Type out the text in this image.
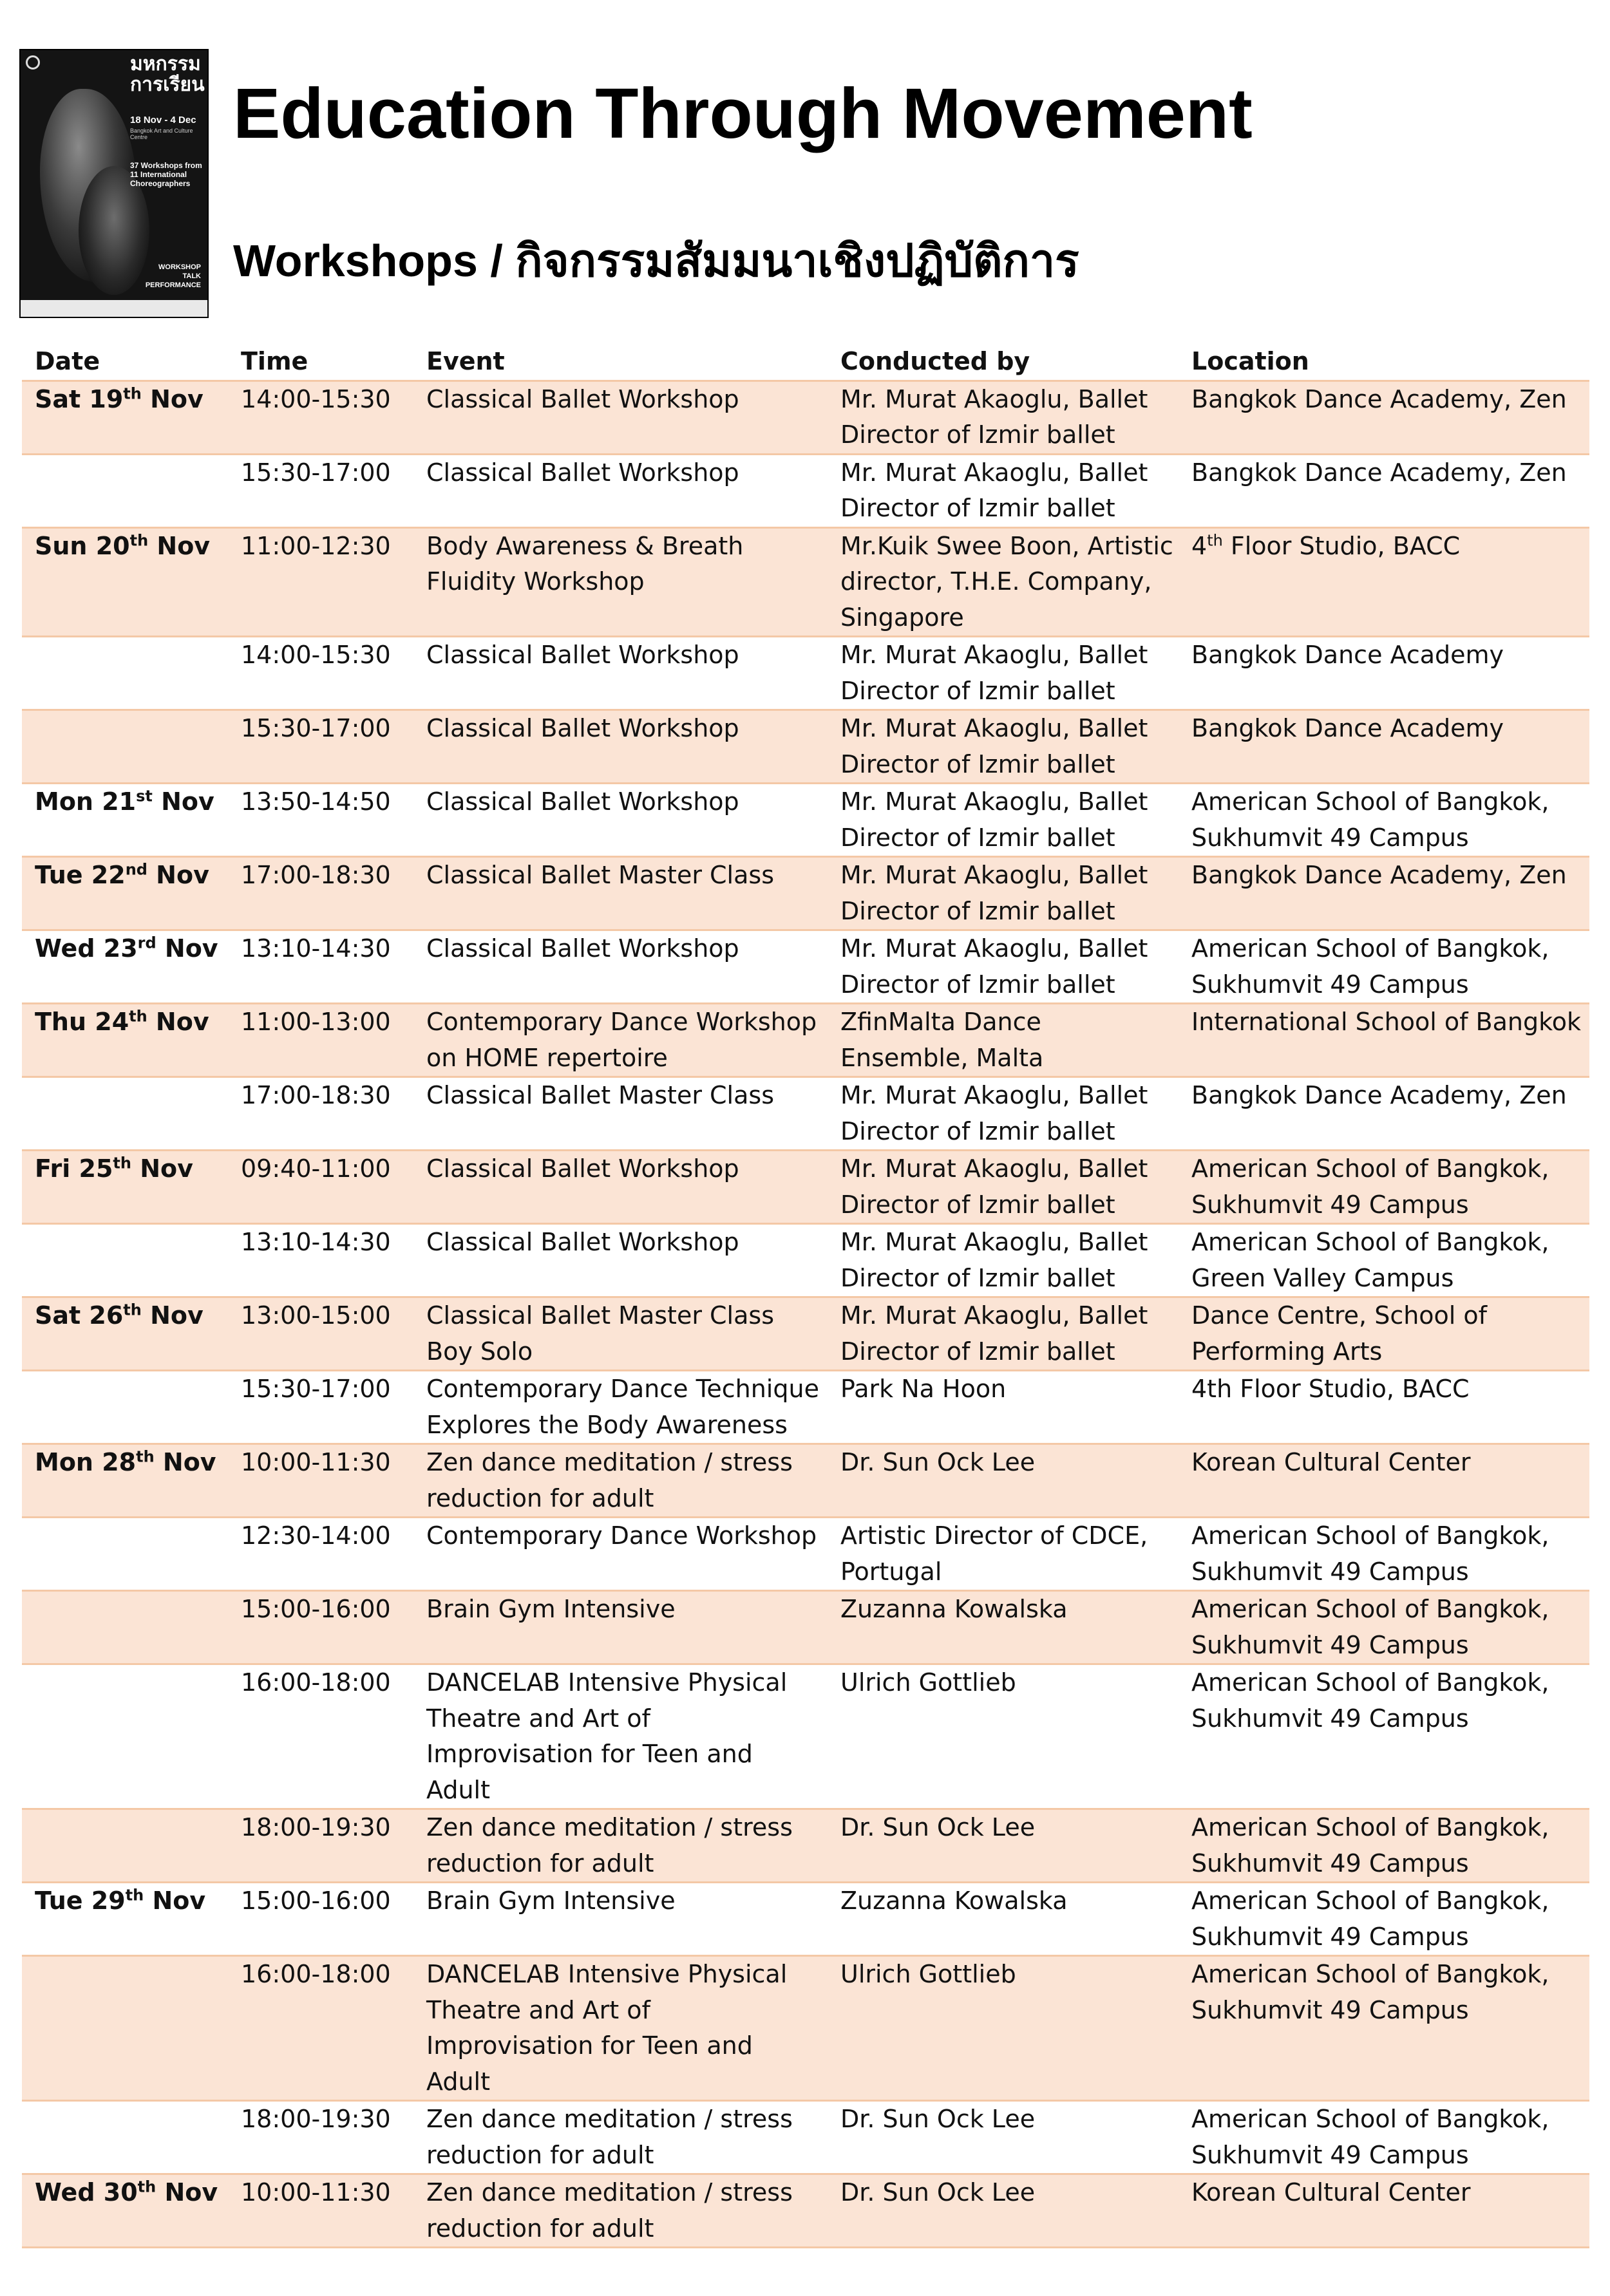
มหกรรม
การเรียน
18 Nov - 4 Dec
Bangkok Art and Culture Centre
37 Workshops from 11 International Choreographers
WORKSHOP
TALK
PERFORMANCE
Education Through Movement
Workshops / กิจกรรมสัมมนาเชิงปฏิบัติการ
Date	Time	Event	Conducted by	Location
Sat 19th Nov	14:00-15:30	Classical Ballet Workshop	Mr. Murat Akaoglu, Ballet Director of Izmir ballet	Bangkok Dance Academy, Zen
	15:30-17:00	Classical Ballet Workshop	Mr. Murat Akaoglu, Ballet Director of Izmir ballet	Bangkok Dance Academy, Zen
Sun 20th Nov	11:00-12:30	Body Awareness & Breath Fluidity Workshop	Mr.Kuik Swee Boon, Artistic director, T.H.E. Company, Singapore	4th Floor Studio, BACC
	14:00-15:30	Classical Ballet Workshop	Mr. Murat Akaoglu, Ballet Director of Izmir ballet	Bangkok Dance Academy
	15:30-17:00	Classical Ballet Workshop	Mr. Murat Akaoglu, Ballet Director of Izmir ballet	Bangkok Dance Academy
Mon 21st Nov	13:50-14:50	Classical Ballet Workshop	Mr. Murat Akaoglu, Ballet Director of Izmir ballet	American School of Bangkok, Sukhumvit 49 Campus
Tue 22nd Nov	17:00-18:30	Classical Ballet Master Class	Mr. Murat Akaoglu, Ballet Director of Izmir ballet	Bangkok Dance Academy, Zen
Wed 23rd Nov	13:10-14:30	Classical Ballet Workshop	Mr. Murat Akaoglu, Ballet Director of Izmir ballet	American School of Bangkok, Sukhumvit 49 Campus
Thu 24th Nov	11:00-13:00	Contemporary Dance Workshop on HOME repertoire	ZfinMalta Dance Ensemble, Malta	International School of Bangkok
	17:00-18:30	Classical Ballet Master Class	Mr. Murat Akaoglu, Ballet Director of Izmir ballet	Bangkok Dance Academy, Zen
Fri 25th Nov	09:40-11:00	Classical Ballet Workshop	Mr. Murat Akaoglu, Ballet Director of Izmir ballet	American School of Bangkok, Sukhumvit 49 Campus
	13:10-14:30	Classical Ballet Workshop	Mr. Murat Akaoglu, Ballet Director of Izmir ballet	American School of Bangkok, Green Valley Campus
Sat 26th Nov	13:00-15:00	Classical Ballet Master Class Boy Solo	Mr. Murat Akaoglu, Ballet Director of Izmir ballet	Dance Centre, School of Performing Arts
	15:30-17:00	Contemporary Dance Technique Explores the Body Awareness	Park Na Hoon	4th Floor Studio, BACC
Mon 28th Nov	10:00-11:30	Zen dance meditation / stress reduction for adult	Dr. Sun Ock Lee	Korean Cultural Center
	12:30-14:00	Contemporary Dance Workshop	Artistic Director of CDCE, Portugal	American School of Bangkok, Sukhumvit 49 Campus
	15:00-16:00	Brain Gym Intensive	Zuzanna Kowalska	American School of Bangkok, Sukhumvit 49 Campus
	16:00-18:00	DANCELAB Intensive Physical Theatre and Art of Improvisation for Teen and Adult	Ulrich Gottlieb	American School of Bangkok, Sukhumvit 49 Campus
	18:00-19:30	Zen dance meditation / stress reduction for adult	Dr. Sun Ock Lee	American School of Bangkok, Sukhumvit 49 Campus
Tue 29th Nov	15:00-16:00	Brain Gym Intensive	Zuzanna Kowalska	American School of Bangkok, Sukhumvit 49 Campus
	16:00-18:00	DANCELAB Intensive Physical Theatre and Art of Improvisation for Teen and Adult	Ulrich Gottlieb	American School of Bangkok, Sukhumvit 49 Campus
	18:00-19:30	Zen dance meditation / stress reduction for adult	Dr. Sun Ock Lee	American School of Bangkok, Sukhumvit 49 Campus
Wed 30th Nov	10:00-11:30	Zen dance meditation / stress reduction for adult	Dr. Sun Ock Lee	Korean Cultural Center
